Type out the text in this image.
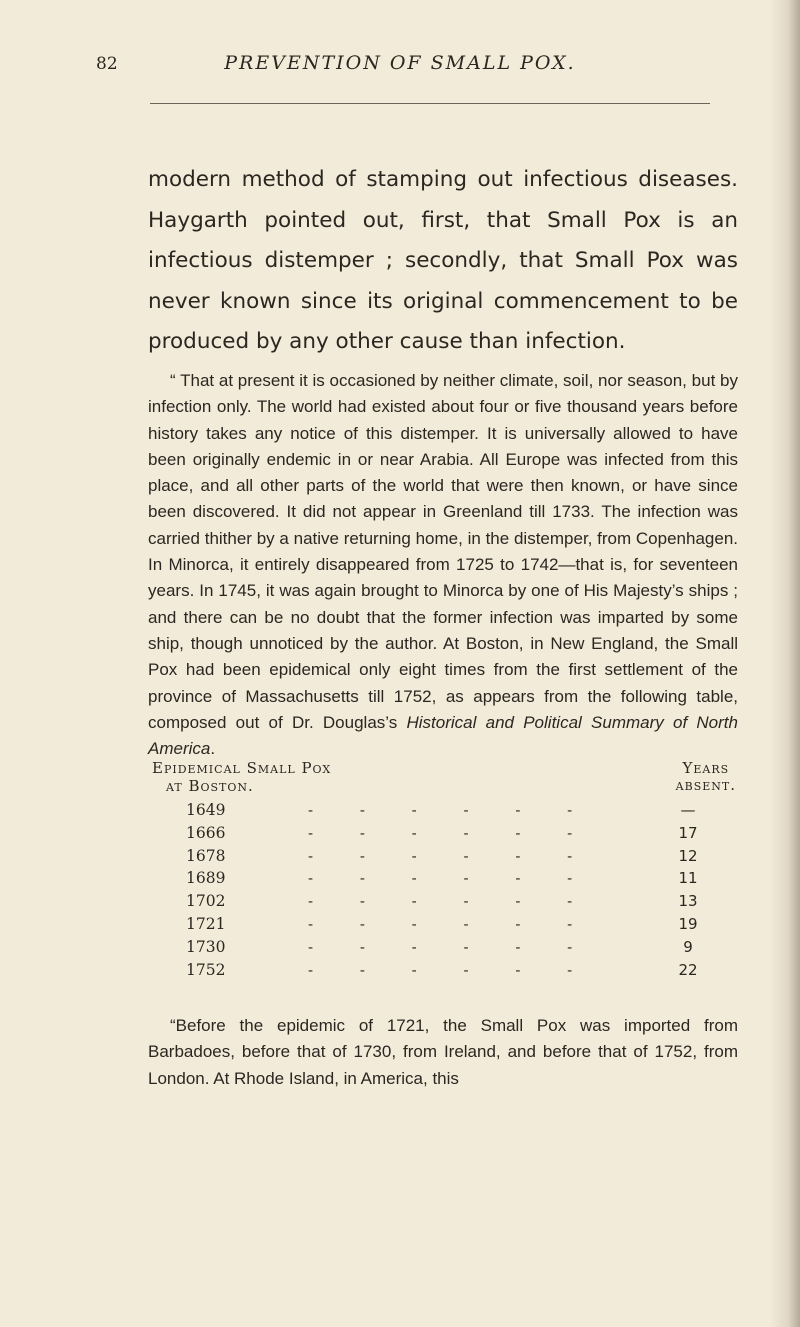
82	PREVENTION OF SMALL POX.

modern method of stamping out infectious diseases. Haygarth pointed out, first, that Small Pox is an infectious distemper ; secondly, that Small Pox was never known since its original commencement to be produced by any other cause than infection.

“ That at present it is occasioned by neither climate, soil, nor season, but by infection only. The world had existed about four or five thousand years before history takes any notice of this distemper. It is universally allowed to have been originally endemic in or near Arabia. All Europe was infected from this place, and all other parts of the world that were then known, or have since been discovered. It did not appear in Greenland till 1733. The infection was carried thither by a native returning home, in the distemper, from Copenhagen. In Minorca, it entirely disappeared from 1725 to 1742—that is, for seventeen years. In 1745, it was again brought to Minorca by one of His Majesty’s ships ; and there can be no doubt that the former infection was imparted by some ship, though unnoticed by the author. At Boston, in New England, the Small Pox had been epidemical only eight times from the first settlement of the province of Massachusetts till 1752, as appears from the following table, composed out of Dr. Douglas’s Historical and Political Summary of North America.

Epidemical Small Pox
at Boston.
Years
absent.
1649	- - - - - -	—
1666	- - - - - -	17
1678	- - - - - -	12
1689	- - - - - -	11
1702	- - - - - -	13
1721	- - - - - -	19
1730	- - - - - -	9
1752	- - - - - -	22

“Before the epidemic of 1721, the Small Pox was imported from Barbadoes, before that of 1730, from Ireland, and before that of 1752, from London. At Rhode Island, in America, this
